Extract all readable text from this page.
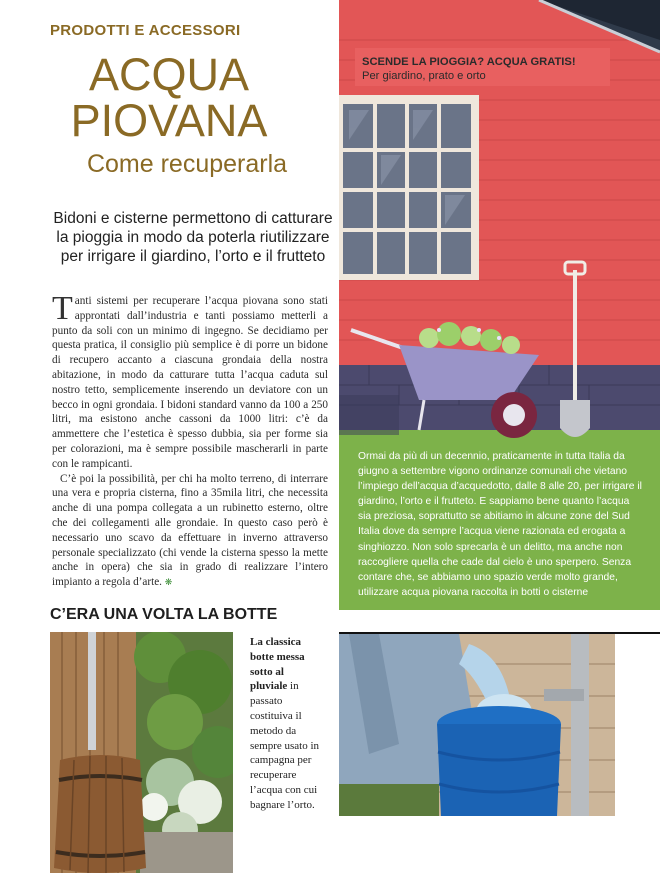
PRODOTTI E ACCESSORI
ACQUA
PIOVANA
Come recuperarla
Bidoni e cisterne permettono di catturare la pioggia in modo da poterla riutilizzare per irrigare il giardino, l’orto e il frutteto

Tanti sistemi per recuperare l’acqua piovana sono stati approntati dall’industria e tanti possiamo metterli a punto da soli con un minimo di ingegno. Se decidiamo per questa pratica, il consiglio più semplice è di porre un bidone di recupero accanto a ciascuna grondaia della nostra abitazione, in modo da catturare tutta l’acqua caduta sul nostro tetto, semplicemente inserendo un deviatore con un becco in ogni grondaia. I bidoni standard vanno da 100 a 250 litri, ma esistono anche cassoni da 1000 litri: c’è da ammettere che l’estetica è spesso dubbia, sia per forme sia per colorazioni, ma è sempre possibile mascherarli in parte con le rampicanti.

C’è poi la possibilità, per chi ha molto terreno, di interrare una vera e propria cisterna, fino a 35mila litri, che necessita anche di una pompa collegata a un rubinetto esterno, oltre che dei collegamenti alle grondaie. In questo caso però è necessario uno scavo da effettuare in inverno attraverso personale specializzato (chi vende la cisterna spesso la mette anche in opera) che sia in grado di realizzare l’intero impianto a regola d’arte. ❋

SCENDE LA PIOGGIA? ACQUA GRATIS!
Per giardino, prato e orto
Ormai da più di un decennio, praticamente in tutta Italia da giugno a settembre vigono ordinanze comunali che vietano l’impiego dell’acqua d’acquedotto, dalle 8 alle 20, per irrigare il giardino, l’orto e il frutteto. E sappiamo bene quanto l’acqua sia preziosa, soprattutto se abitiamo in alcune zone del Sud Italia dove da sempre l’acqua viene razionata ed erogata a singhiozzo. Non solo sprecarla è un delitto, ma anche non raccogliere quella che cade dal cielo è uno sperpero. Senza contare che, se abbiamo uno spazio verde molto grande, utilizzare acqua piovana raccolta in botti o cisterne
C’ERA UNA VOLTA LA BOTTE
La classica botte messa sotto al pluviale in passato costituiva il metodo da sempre usato in campagna per recuperare l’acqua con cui bagnare l’orto.
